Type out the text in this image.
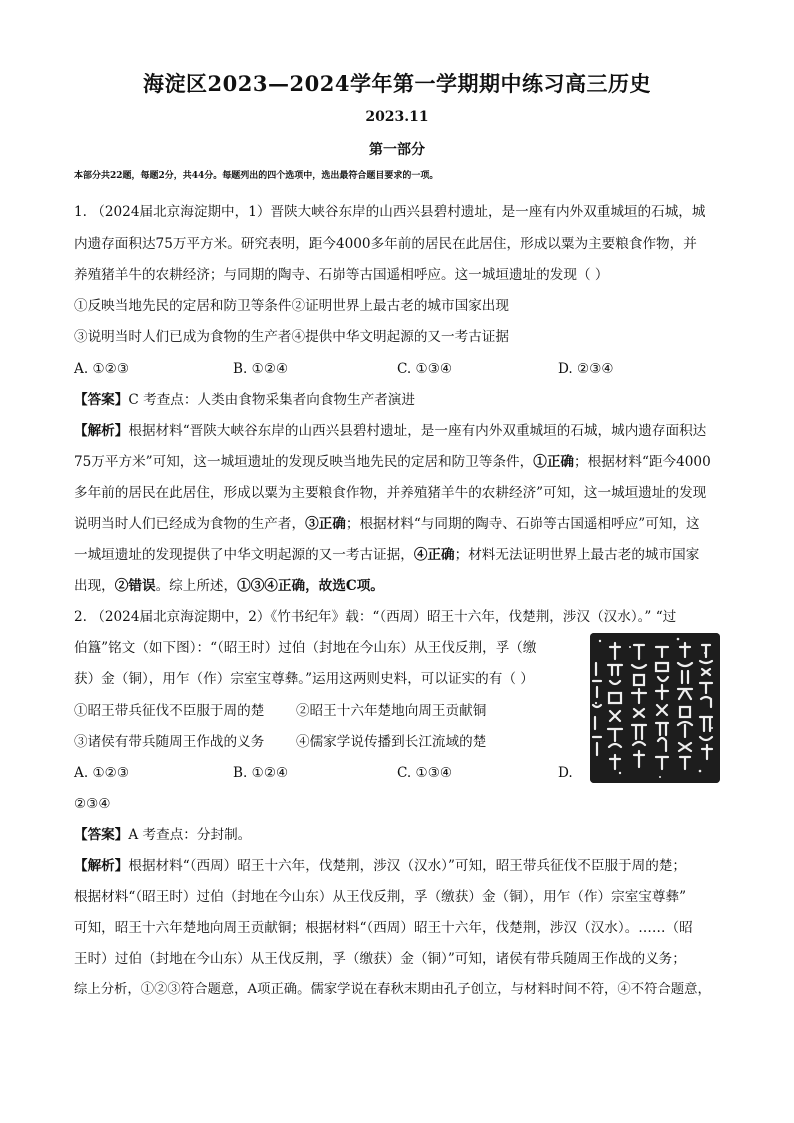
海淀区2023—2024学年第一学期期中练习高三历史
2023.11
第一部分
本部分共22题，每题2分，共44分。每题列出的四个选项中，选出最符合题目要求的一项。
1. （2024届北京海淀期中，1）晋陕大峡谷东岸的山西兴县碧村遗址，是一座有内外双重城垣的石城，城
内遗存面积达75万平方米。研究表明，距今4000多年前的居民在此居住，形成以粟为主要粮食作物，并
养殖猪羊牛的农耕经济；与同期的陶寺、石峁等古国遥相呼应。这一城垣遗址的发现（ ）
①反映当地先民的定居和防卫等条件②证明世界上最古老的城市国家出现
③说明当时人们已成为食物的生产者④提供中华文明起源的又一考古证据
A. ①②③	B. ①②④	C. ①③④	D. ②③④
【答案】C 考查点：人类由食物采集者向食物生产者演进
【解析】根据材料“晋陕大峡谷东岸的山西兴县碧村遗址，是一座有内外双重城垣的石城，城内遗存面积达
75万平方米”可知，这一城垣遗址的发现反映当地先民的定居和防卫等条件，①正确；根据材料“距今4000
多年前的居民在此居住，形成以粟为主要粮食作物，并养殖猪羊牛的农耕经济”可知，这一城垣遗址的发现
说明当时人们已经成为食物的生产者，③正确；根据材料“与同期的陶寺、石峁等古国遥相呼应”可知，这
一城垣遗址的发现提供了中华文明起源的又一考古证据，④正确；材料无法证明世界上最古老的城市国家
出现，②错误。综上所述，①③④正确，故选C项。
2. （2024届北京海淀期中，2）《竹书纪年》载：“（西周）昭王十六年，伐楚荆，涉汉（汉水）。” “过
伯簋”铭文（如下图）：“（昭王时）过伯（封地在今山东）从王伐反荆，孚（缴
获）金（铜），用乍（作）宗室宝尊彝。”运用这两则史料，可以证实的有（ ）
①昭王带兵征伐不臣服于周的楚 ②昭王十六年楚地向周王贡献铜
③诸侯有带兵随周王作战的义务 ④儒家学说传播到长江流域的楚
A. ①②③	B. ①②④	C. ①③④	D.
②③④
【答案】A 考查点：分封制。
【解析】根据材料“（西周）昭王十六年，伐楚荆，涉汉（汉水）”可知，昭王带兵征伐不臣服于周的楚；
根据材料“（昭王时）过伯（封地在今山东）从王伐反荆，孚（缴获）金（铜），用乍（作）宗室宝尊彝”
可知，昭王十六年楚地向周王贡献铜；根据材料“（西周）昭王十六年，伐楚荆，涉汉（汉水）。……（昭
王时）过伯（封地在今山东）从王伐反荆，孚（缴获）金（铜）”可知，诸侯有带兵随周王作战的义务；
综上分析，①②③符合题意，A项正确。儒家学说在春秋末期由孔子创立，与材料时间不符，④不符合题意，
